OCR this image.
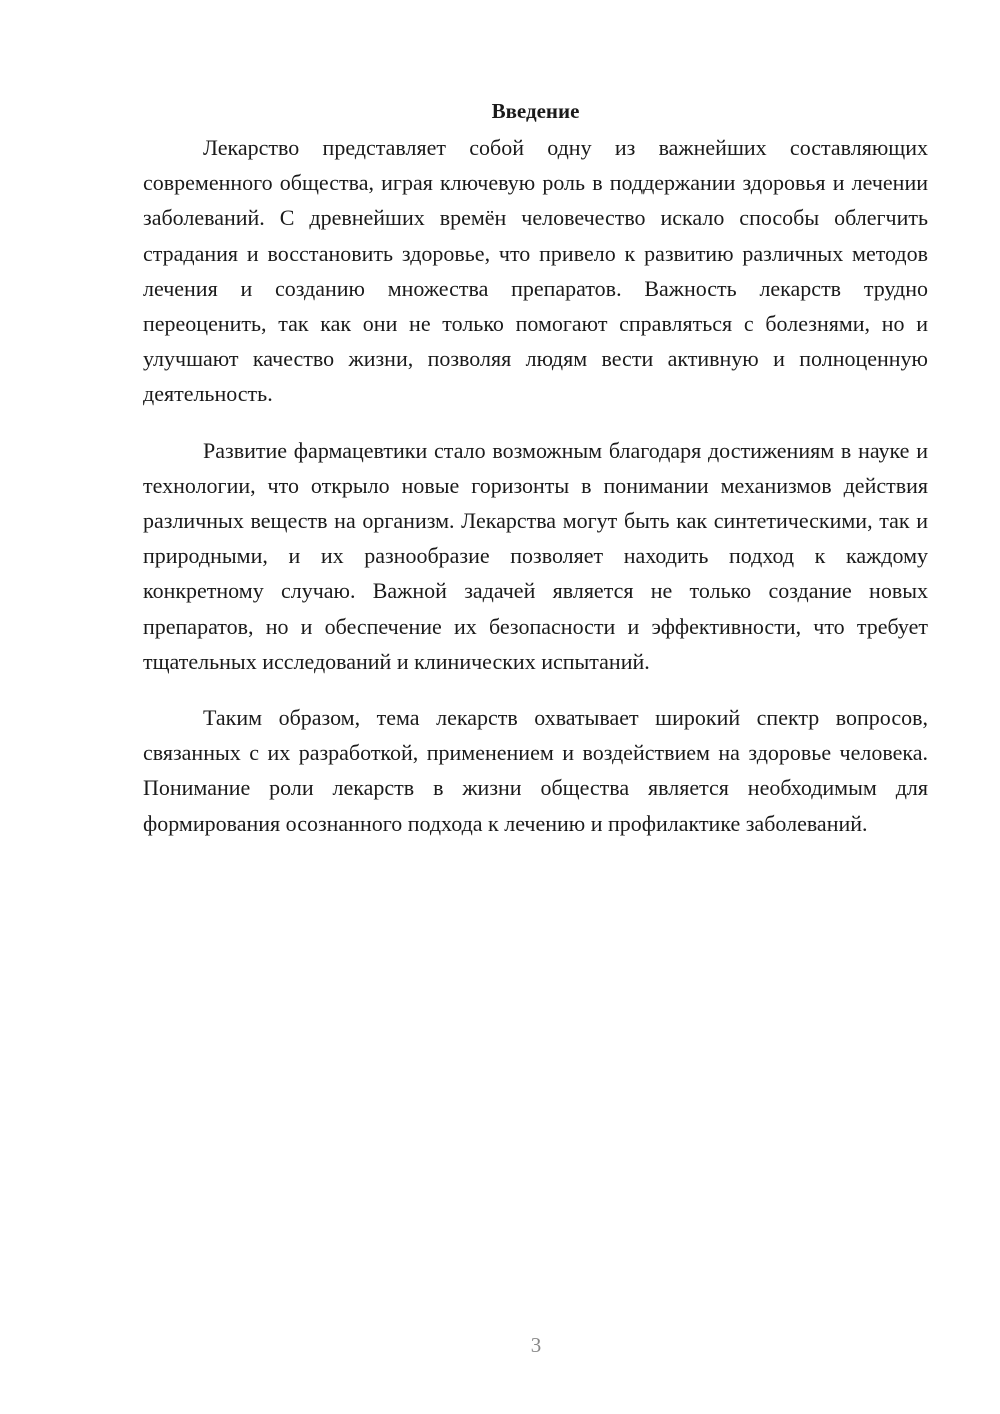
Введение

Лекарство представляет собой одну из важнейших составляющих современного общества, играя ключевую роль в поддержании здоровья и лечении заболеваний. С древнейших времён человечество искало способы облегчить страдания и восстановить здоровье, что привело к развитию различных методов лечения и созданию множества препаратов. Важность лекарств трудно переоценить, так как они не только помогают справляться с болезнями, но и улучшают качество жизни, позволяя людям вести активную и полноценную деятельность.

Развитие фармацевтики стало возможным благодаря достижениям в науке и технологии, что открыло новые горизонты в понимании механизмов действия различных веществ на организм. Лекарства могут быть как синтетическими, так и природными, и их разнообразие позволяет находить подход к каждому конкретному случаю. Важной задачей является не только создание новых препаратов, но и обеспечение их безопасности и эффективности, что требует тщательных исследований и клинических испытаний.

Таким образом, тема лекарств охватывает широкий спектр вопросов, связанных с их разработкой, применением и воздействием на здоровье человека. Понимание роли лекарств в жизни общества является необходимым для формирования осознанного подхода к лечению и профилактике заболеваний.

3
